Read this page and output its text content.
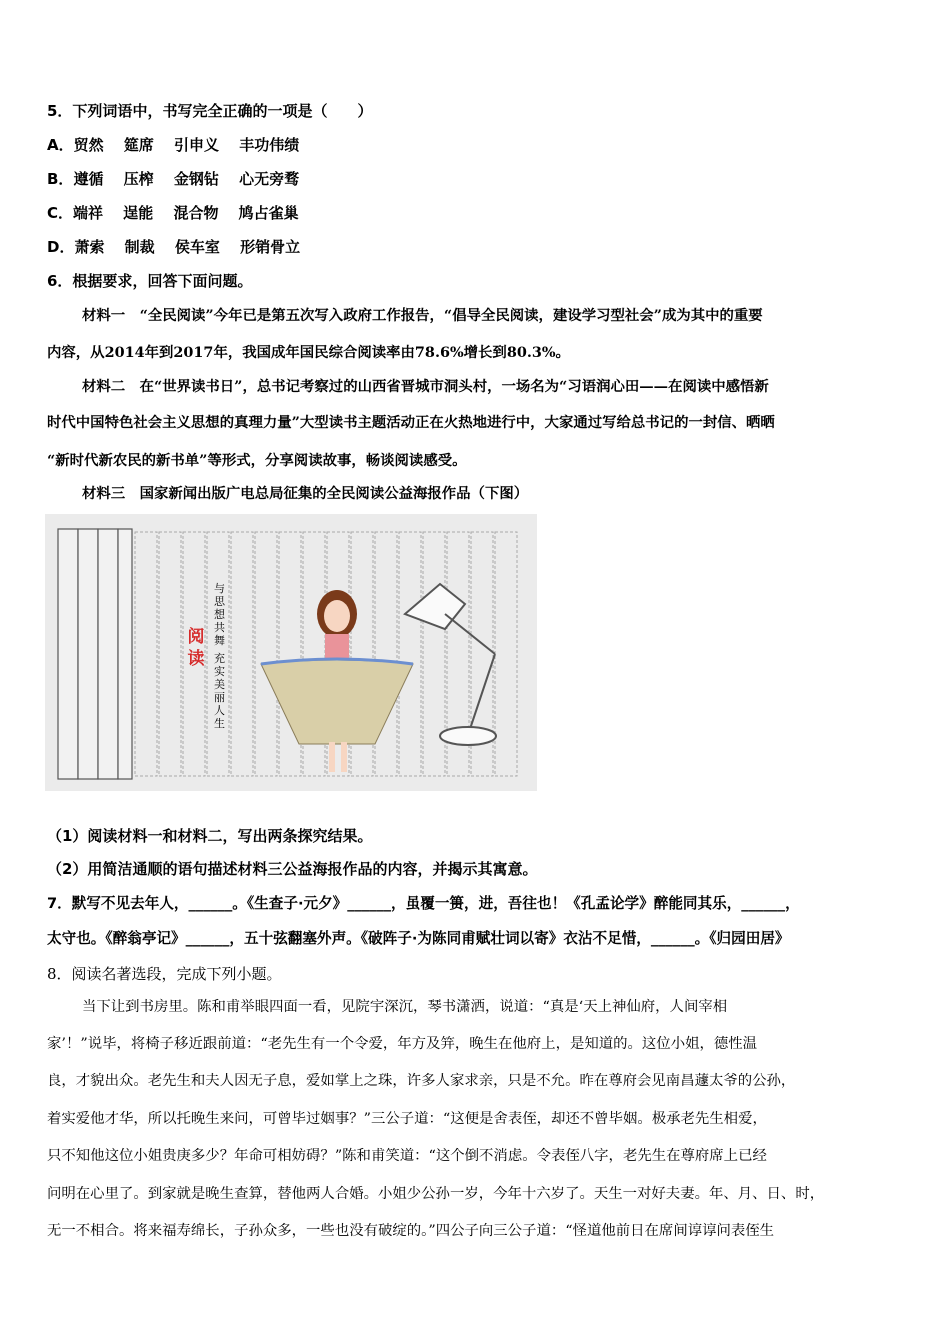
5．下列词语中，书写完全正确的一项是（　　）
A．贸然　 筵席　 引申义　 丰功伟绩
B．遵循　 压榨　 金钢钻　 心无旁骛
C．端祥　 逞能　 混合物　 鸠占雀巢
D．萧索　 制裁　 侯车室　 形销骨立
6．根据要求，回答下面问题。
材料一　“全民阅读”今年已是第五次写入政府工作报告，“倡导全民阅读，建设学习型社会”成为其中的重要
内容，从2014年到2017年，我国成年国民综合阅读率由78.6%增长到80.3%。
材料二　在“世界读书日”，总书记考察过的山西省晋城市洞头村，一场名为“习语润心田——在阅读中感悟新
时代中国特色社会主义思想的真理力量”大型读书主题活动正在火热地进行中，大家通过写给总书记的一封信、晒晒
“新时代新农民的新书单”等形式，分享阅读故事，畅谈阅读感受。
材料三　国家新闻出版广电总局征集的全民阅读公益海报作品（下图）
阅读
与思想共舞
充实美丽人生
（1）阅读材料一和材料二，写出两条探究结果。
（2）用简洁通顺的语句描述材料三公益海报作品的内容，并揭示其寓意。
7．默写不见去年人，______。《生查子·元夕》______，虽覆一篑，进，吾往也！《孔孟论学》醉能同其乐，______，
太守也。《醉翁亭记》______，五十弦翻塞外声。《破阵子·为陈同甫赋壮词以寄》衣沾不足惜，______。《归园田居》
8．阅读名著选段，完成下列小题。
当下让到书房里。陈和甫举眼四面一看，见院宇深沉，琴书潇洒，说道：“真是‘天上神仙府，人间宰相
家’！”说毕，将椅子移近跟前道：“老先生有一个令爱，年方及笄，晚生在他府上，是知道的。这位小姐，德性温
良，才貌出众。老先生和夫人因无子息，爱如掌上之珠，许多人家求亲，只是不允。昨在尊府会见南昌蘧太爷的公孙，
着实爱他才华，所以托晚生来问，可曾毕过姻事？”三公子道：“这便是舍表侄，却还不曾毕姻。极承老先生相爱，
只不知他这位小姐贵庚多少？年命可相妨碍？”陈和甫笑道：“这个倒不消虑。令表侄八字，老先生在尊府席上已经
问明在心里了。到家就是晚生查算，替他两人合婚。小姐少公孙一岁，今年十六岁了。天生一对好夫妻。年、月、日、时，
无一不相合。将来福寿绵长，子孙众多，一些也没有破绽的。”四公子向三公子道：“怪道他前日在席间谆谆问表侄生
